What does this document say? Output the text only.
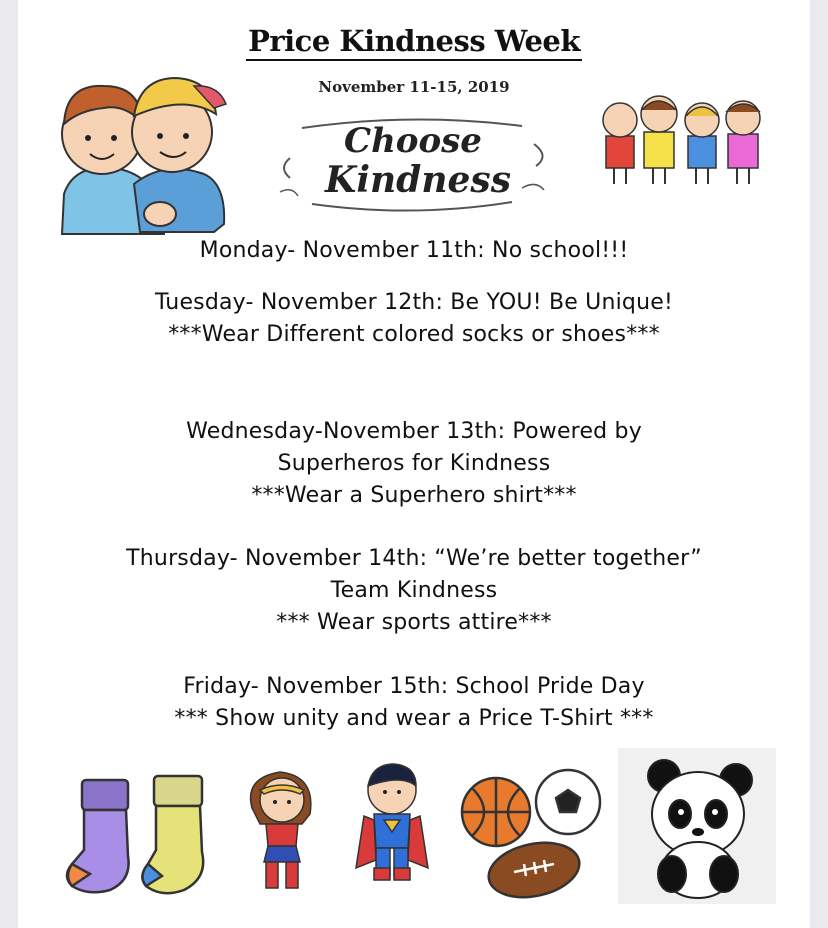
Price Kindness Week
November 11-15, 2019
Choose
Kindness
Monday- November 11th: No school!!!
Tuesday- November 12th: Be YOU! Be Unique!
***Wear Different colored socks or shoes***
Wednesday-November 13th: Powered by
Superheros for Kindness
***Wear a Superhero shirt***
Thursday- November 14th: “We’re better together”
Team Kindness
*** Wear sports attire***
Friday- November 15th: School Pride Day
*** Show unity and wear a Price T-Shirt ***
